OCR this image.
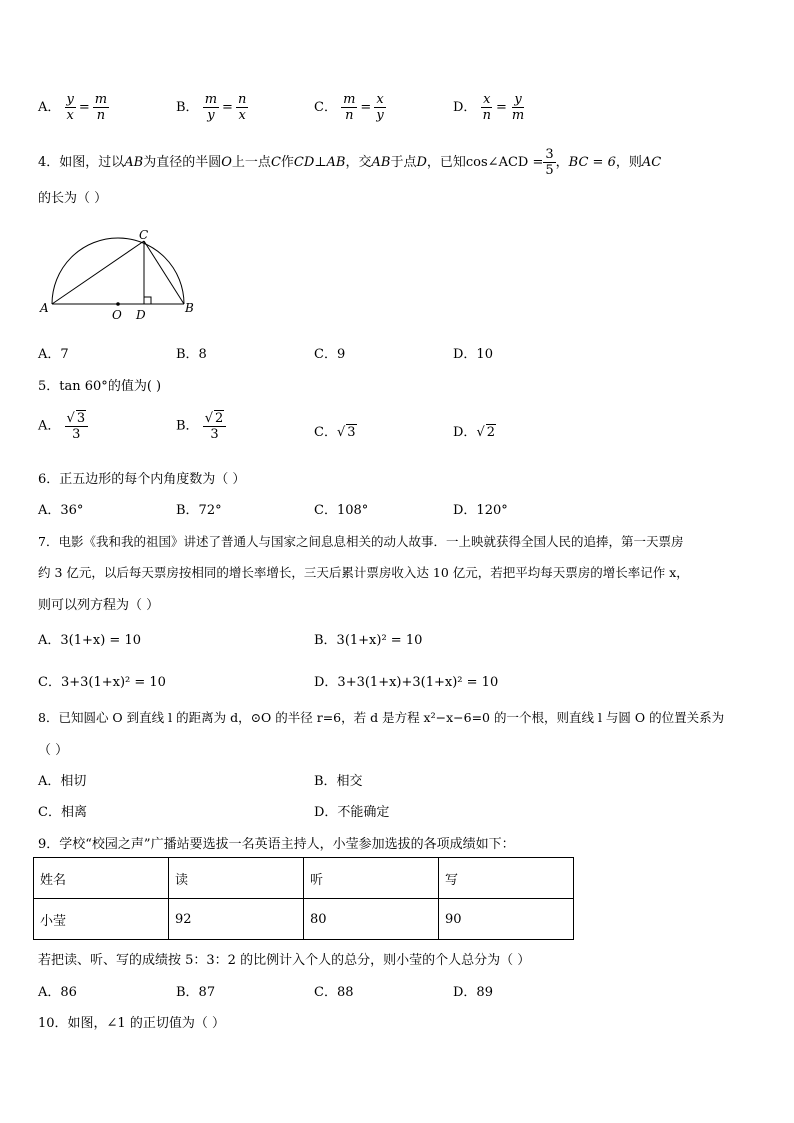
A． $\frac{y}{x} = \frac{m}{n}$	B． $\frac{m}{y} = \frac{n}{x}$	C． $\frac{m}{n} = \frac{x}{y}$	D． $\frac{x}{n} = \frac{y}{m}$
4．如图，过以AB为直径的半圆O上一点C作CD⊥AB，交AB于点D，已知cos∠ACD = $\frac{3}{5}$ ，BC = 6，则AC
的长为（ ）
A	B
C
D
O
A．7	B．8	C．9	D．10
5．tan 60°的值为( )
A． $\frac{√ 3}{3}$	B． $\frac{√ 2}{3}$	C．√ 3	D．√ 2
6．正五边形的每个内角度数为（ ）
A．36°	B．72°	C．108°	D．120°
7．电影《我和我的祖国》讲述了普通人与国家之间息息相关的动人故事．一上映就获得全国人民的追捧，第一天票房
约 3 亿元，以后每天票房按相同的增长率增长，三天后累计票房收入达 10 亿元，若把平均每天票房的增长率记作 x，
则可以列方程为（ ）
A．3(1+x) = 10	B．3(1+x)² = 10
C．3+3(1+x)² = 10	D．3+3(1+x)+3(1+x)² = 10
8．已知圆心 O 到直线 l 的距离为 d，⊙O 的半径 r=6，若 d 是方程 x²−x−6=0 的一个根，则直线 l 与圆 O 的位置关系为
（ ）
A．相切	B．相交
C．相离	D．不能确定
9．学校“校园之声”广播站要选拔一名英语主持人，小莹参加选拔的各项成绩如下：
姓名	读	听	写
小莹	92	80	90
若把读、听、写的成绩按 5：3：2 的比例计入个人的总分，则小莹的个人总分为（ ）
A．86	B．87	C．88	D．89
10．如图，∠1 的正切值为（ ）
